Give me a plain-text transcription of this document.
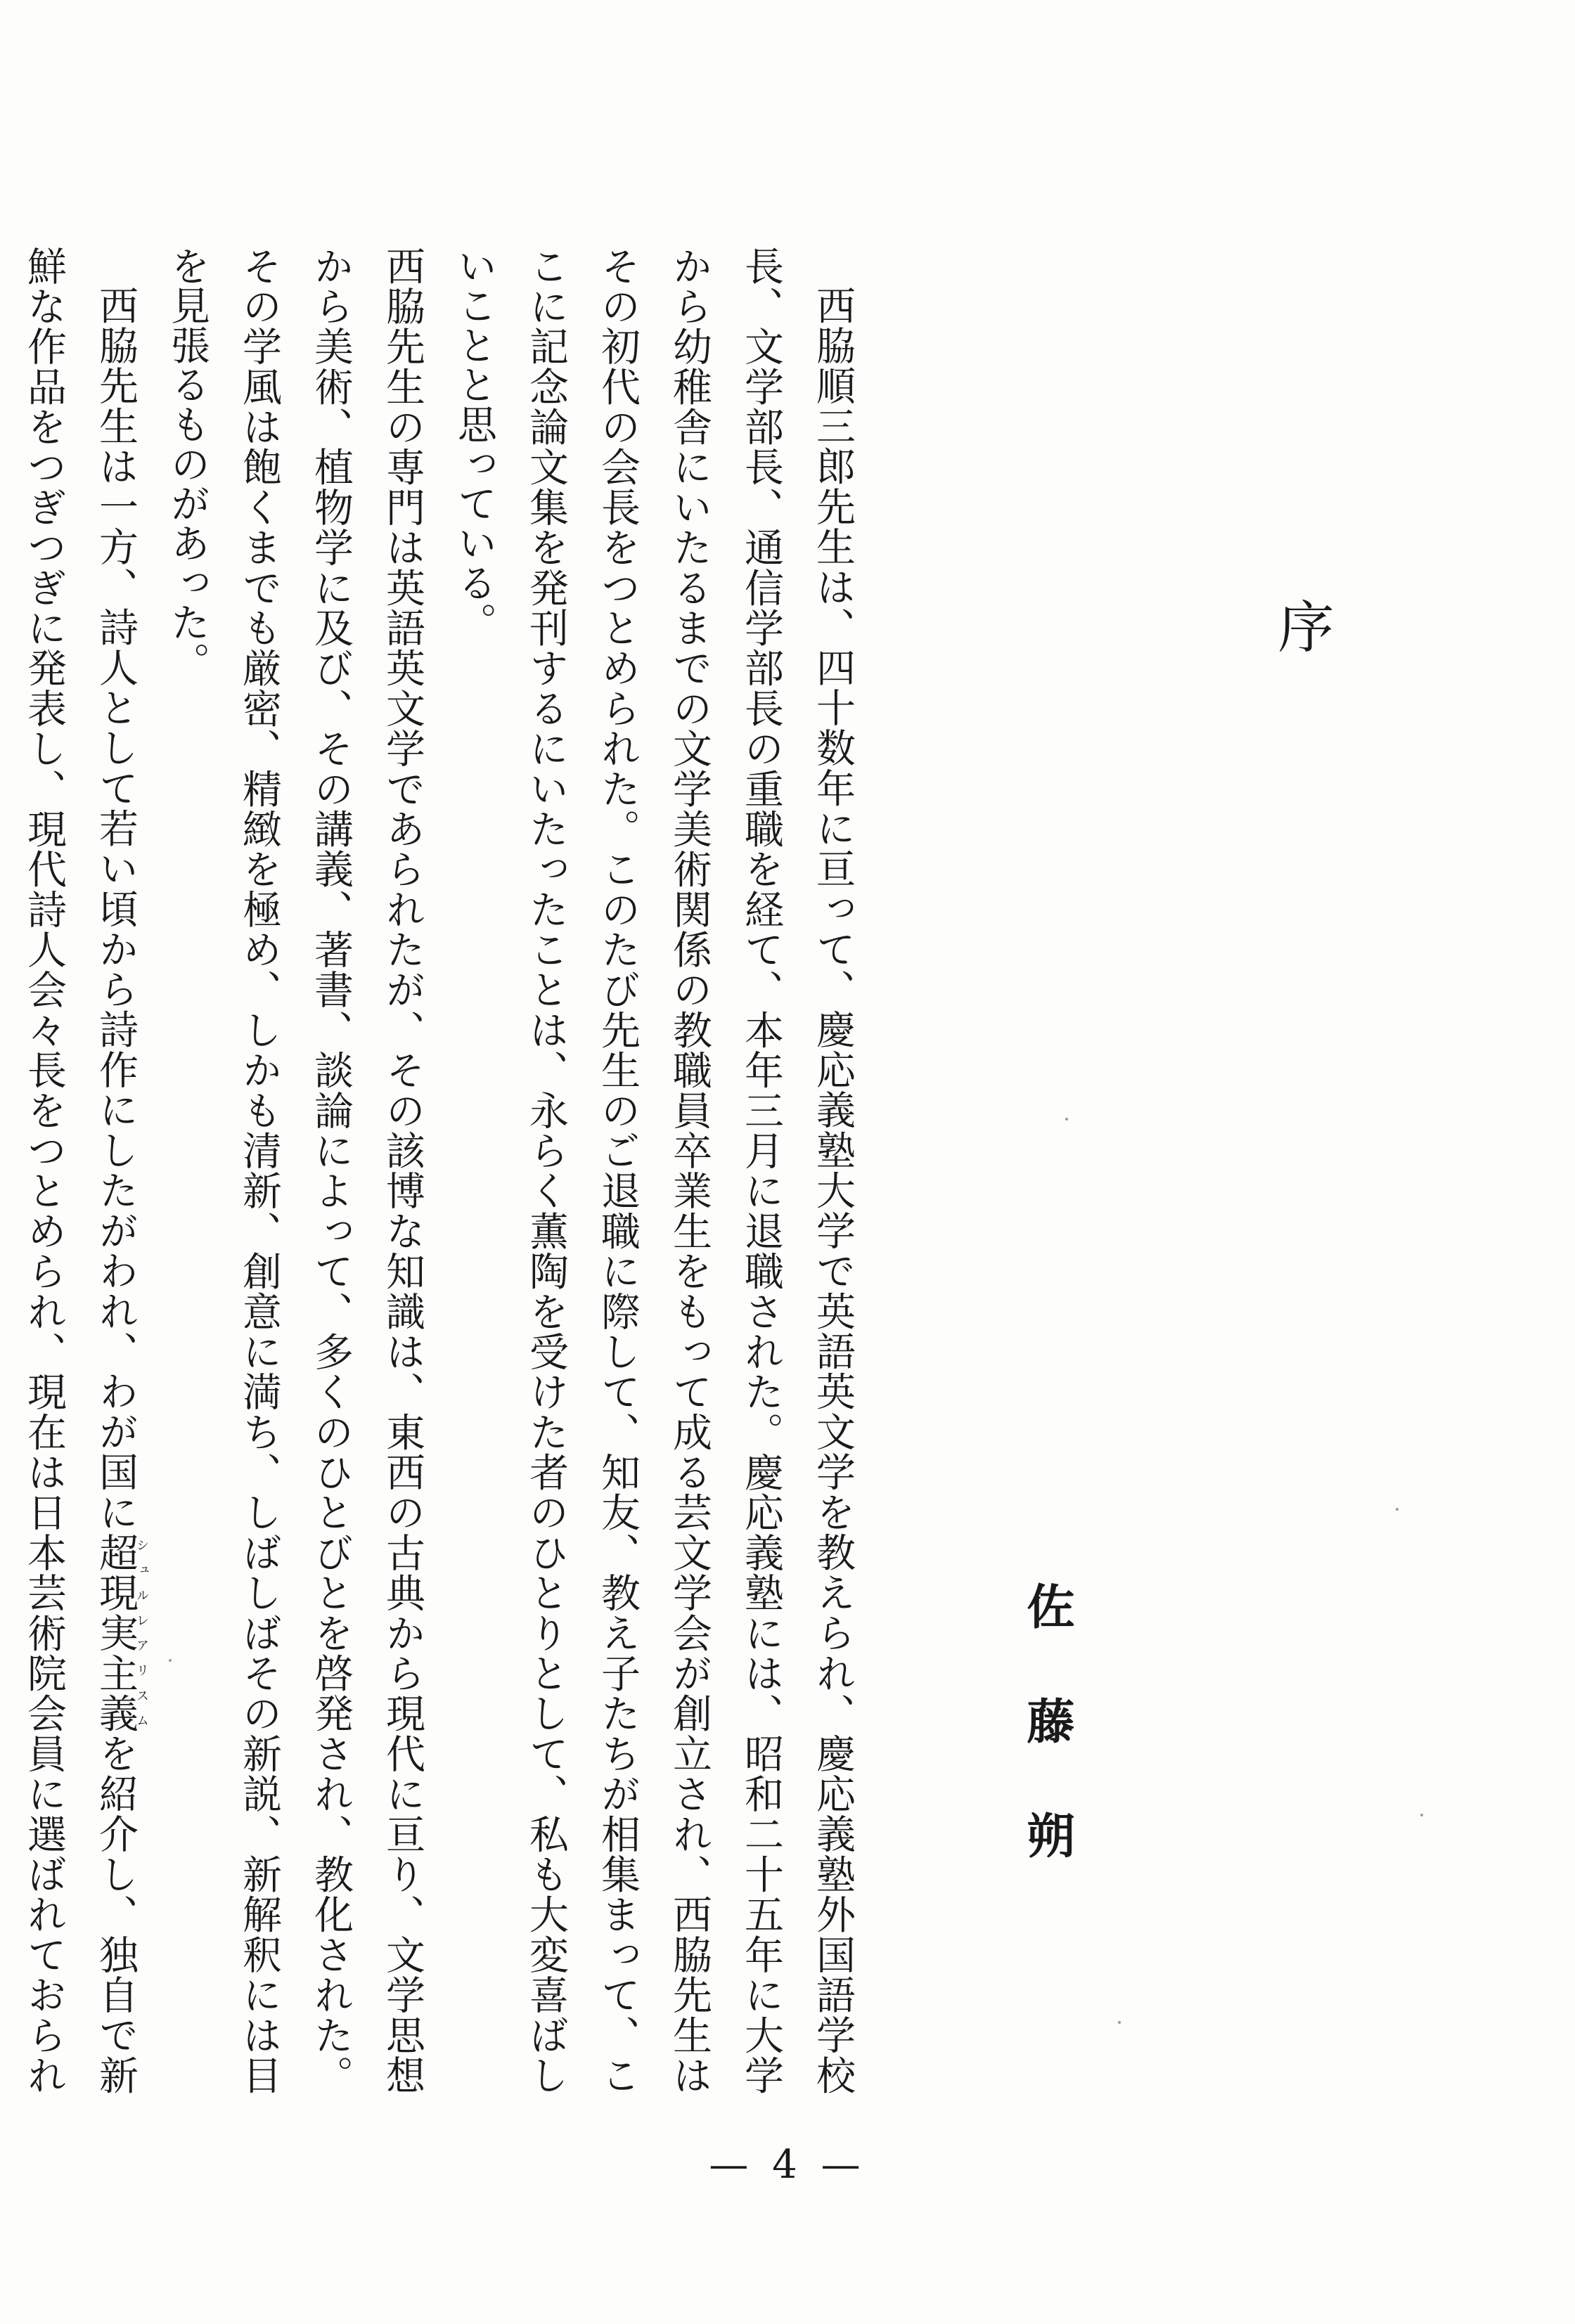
序
佐藤朔

西脇順三郎先生は、四十数年に亘って、慶応義塾大学で英語英文学を教えられ、慶応義塾外国語学校長、文学部長、通信学部長の重職を経て、本年三月に退職された。慶応義塾には、昭和二十五年に大学から幼稚舎にいたるまでの文学美術関係の教職員卒業生をもって成る芸文学会が創立され、西脇先生はその初代の会長をつとめられた。このたび先生のご退職に際して、知友、教え子たちが相集まって、ここに記念論文集を発刊するにいたったことは、永らく薫陶を受けた者のひとりとして、私も大変喜ばしいことと思っている。

西脇先生の専門は英語英文学であられたが、その該博な知識は、東西の古典から現代に亘り、文学思想から美術、植物学に及び、その講義、著書、談論によって、多くのひとびとを啓発され、教化された。その学風は飽くまでも厳密、精緻を極め、しかも清新、創意に満ち、しばしばその新説、新解釈には目を見張るものがあった。

西脇先生は一方、詩人として若い頃から詩作にしたがわれ、わが国に超現実主義シュルレアリスムを紹介し、独自で新鮮な作品をつぎつぎに発表し、現代詩人会々長をつとめられ、現在は日本芸術院会員に選ばれておられ

— 4 —
